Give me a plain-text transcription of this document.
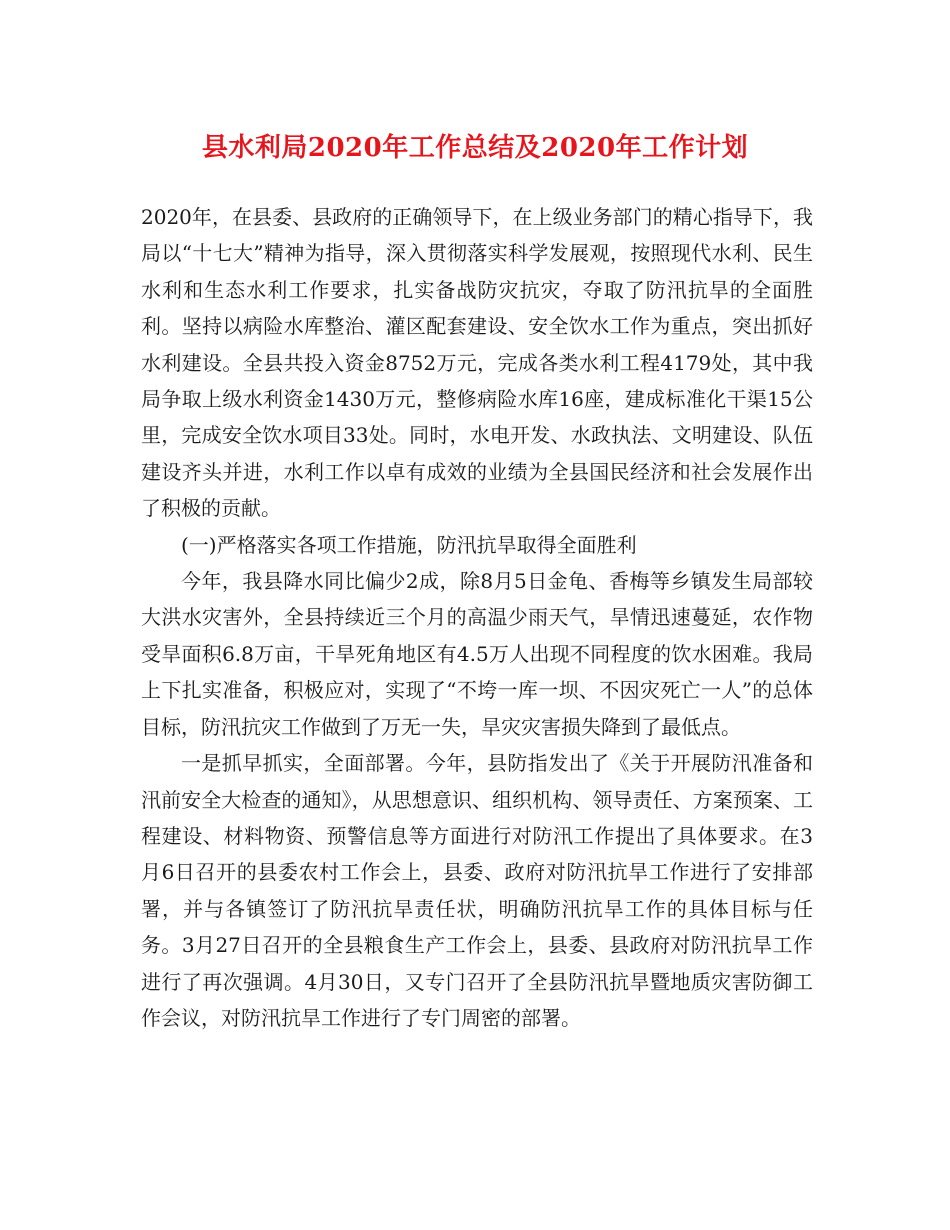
县水利局2020年工作总结及2020年工作计划

2020年，在县委、县政府的正确领导下，在上级业务部门的精心指导下，我局以“十七大”精神为指导，深入贯彻落实科学发展观，按照现代水利、民生水利和生态水利工作要求，扎实备战防灾抗灾，夺取了防汛抗旱的全面胜利。坚持以病险水库整治、灌区配套建设、安全饮水工作为重点，突出抓好水利建设。全县共投入资金8752万元，完成各类水利工程4179处，其中我局争取上级水利资金1430万元，整修病险水库16座，建成标准化干渠15公里，完成安全饮水项目33处。同时，水电开发、水政执法、文明建设、队伍建设齐头并进，水利工作以卓有成效的业绩为全县国民经济和社会发展作出了积极的贡献。

(一)严格落实各项工作措施，防汛抗旱取得全面胜利

今年，我县降水同比偏少2成，除8月5日金龟、香梅等乡镇发生局部较大洪水灾害外，全县持续近三个月的高温少雨天气，旱情迅速蔓延，农作物受旱面积6.8万亩，干旱死角地区有4.5万人出现不同程度的饮水困难。我局上下扎实准备，积极应对，实现了“不垮一库一坝、不因灾死亡一人”的总体目标，防汛抗灾工作做到了万无一失，旱灾灾害损失降到了最低点。

一是抓早抓实，全面部署。今年，县防指发出了《关于开展防汛准备和汛前安全大检查的通知》，从思想意识、组织机构、领导责任、方案预案、工程建设、材料物资、预警信息等方面进行对防汛工作提出了具体要求。在3月6日召开的县委农村工作会上，县委、政府对防汛抗旱工作进行了安排部署，并与各镇签订了防汛抗旱责任状，明确防汛抗旱工作的具体目标与任务。3月27日召开的全县粮食生产工作会上，县委、县政府对防汛抗旱工作进行了再次强调。4月30日，又专门召开了全县防汛抗旱暨地质灾害防御工作会议，对防汛抗旱工作进行了专门周密的部署。
